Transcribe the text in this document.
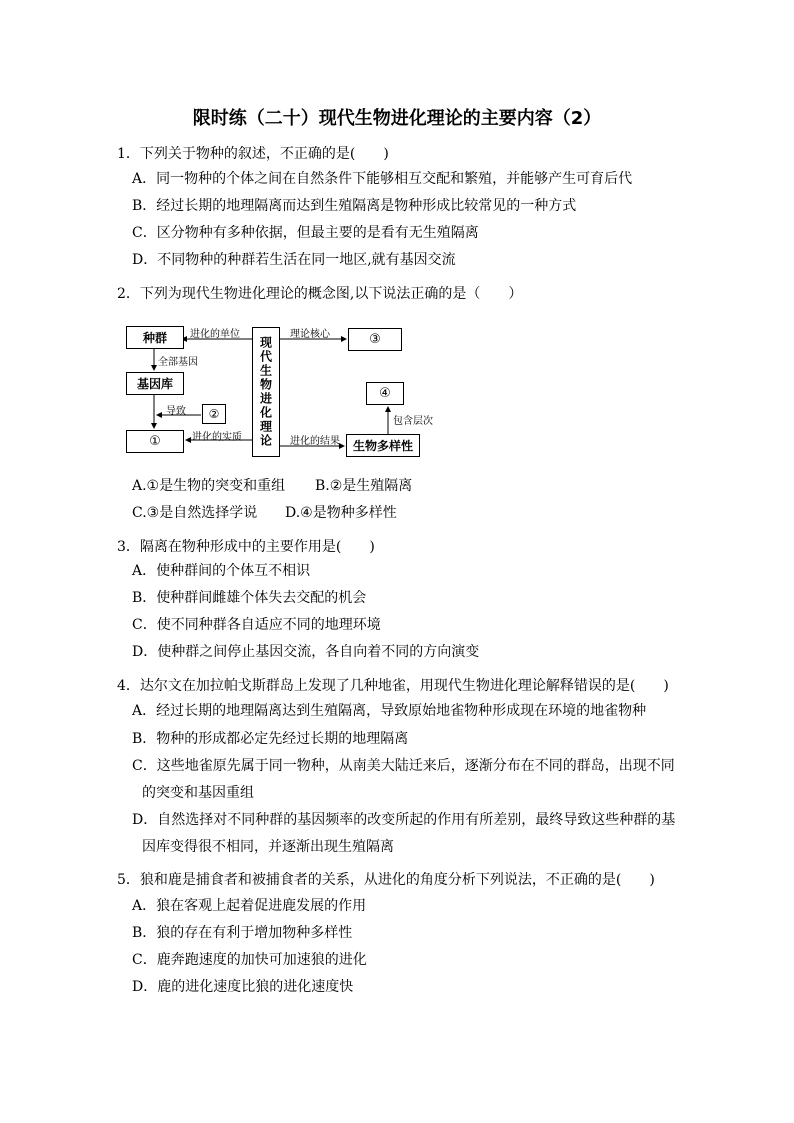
限时练（二十）现代生物进化理论的主要内容（2）
1．下列关于物种的叙述，不正确的是(　　)
A．同一物种的个体之间在自然条件下能够相互交配和繁殖，并能够产生可育后代
B．经过长期的地理隔离而达到生殖隔离是物种形成比较常见的一种方式
C．区分物种有多种依据，但最主要的是看有无生殖隔离
D．不同物种的种群若生活在同一地区,就有基因交流
2．下列为现代生物进化理论的概念图,以下说法正确的是（　　）
种群
基因库
①
②	现代生物进化理论	③
④
生物多样性
进化的单位
全部基因
导致
进化的实质
理论核心
进化的结果
包含层次
A.①是生物的突变和重组 B.②是生殖隔离
C.③是自然选择学说 D.④是物种多样性
3．隔离在物种形成中的主要作用是(　　)
A．使种群间的个体互不相识
B．使种群间雌雄个体失去交配的机会
C．使不同种群各自适应不同的地理环境
D．使种群之间停止基因交流，各自向着不同的方向演变
4．达尔文在加拉帕戈斯群岛上发现了几种地雀，用现代生物进化理论解释错误的是(　　)
A．经过长期的地理隔离达到生殖隔离，导致原始地雀物种形成现在环境的地雀物种
B．物种的形成都必定先经过长期的地理隔离
C．这些地雀原先属于同一物种，从南美大陆迁来后，逐渐分布在不同的群岛，出现不同
的突变和基因重组
D．自然选择对不同种群的基因频率的改变所起的作用有所差别，最终导致这些种群的基
因库变得很不相同，并逐渐出现生殖隔离
5．狼和鹿是捕食者和被捕食者的关系，从进化的角度分析下列说法，不正确的是(　　)
A．狼在客观上起着促进鹿发展的作用
B．狼的存在有利于增加物种多样性
C．鹿奔跑速度的加快可加速狼的进化
D．鹿的进化速度比狼的进化速度快
